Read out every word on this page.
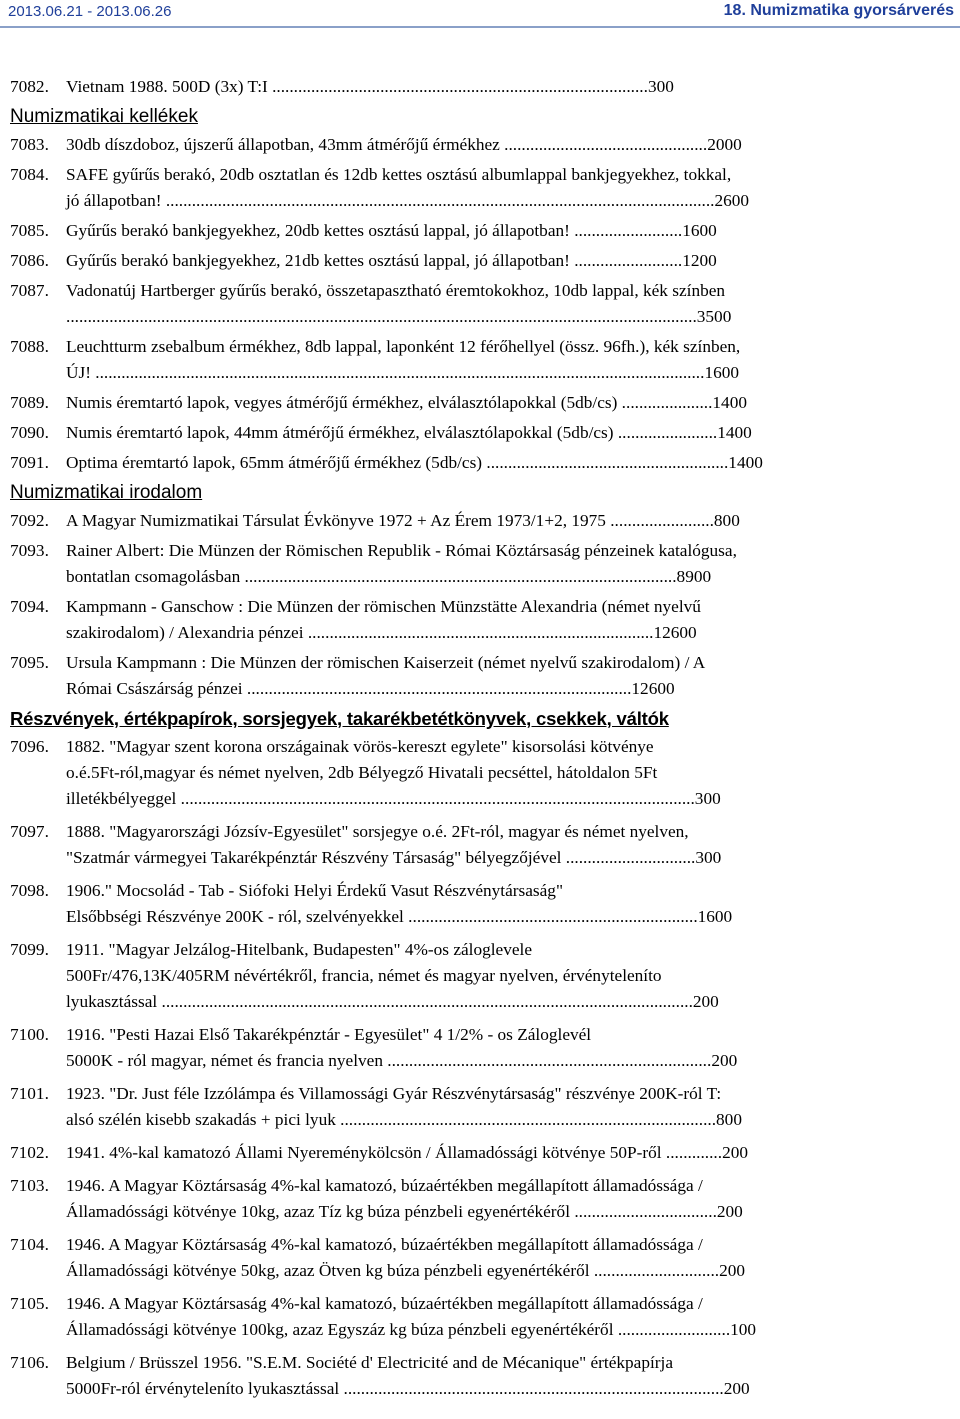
2013.06.21 - 2013.06.26	18. Numizmatika gyorsárverés
7082. Vietnam 1988. 500D (3x) T:I .......................................................................................300
Numizmatikai kellékek
7083. 30db díszdoboz, újszerű állapotban, 43mm átmérőjű érmékhez ...............................................2000
7084. SAFE gyűrűs berakó, 20db osztatlan és 12db kettes osztású albumlappal bankjegyekhez, tokkal,
jó állapotban! ...............................................................................................................................2600
7085. Gyűrűs berakó bankjegyekhez, 20db kettes osztású lappal, jó állapotban! .........................1600
7086. Gyűrűs berakó bankjegyekhez, 21db kettes osztású lappal, jó állapotban! .........................1200
7087. Vadonatúj Hartberger gyűrűs berakó, összetapasztható éremtokokhoz, 10db lappal, kék színben
..................................................................................................................................................3500
7088. Leuchtturm zsebalbum érmékhez, 8db lappal, laponként 12 férőhellyel (össz. 96fh.), kék színben,
ÚJ! .............................................................................................................................................1600
7089. Numis éremtartó lapok, vegyes átmérőjű érmékhez, elválasztólapokkal (5db/cs) .....................1400
7090. Numis éremtartó lapok, 44mm átmérőjű érmékhez, elválasztólapokkal (5db/cs) .......................1400
7091. Optima éremtartó lapok, 65mm átmérőjű érmékhez (5db/cs) ........................................................1400
Numizmatikai irodalom
7092. A Magyar Numizmatikai Társulat Évkönyve 1972 + Az Érem 1973/1+2, 1975 ........................800
7093. Rainer Albert: Die Münzen der Römischen Republik - Római Köztársaság pénzeinek katalógusa,
bontatlan csomagolásban ....................................................................................................8900
7094. Kampmann - Ganschow : Die Münzen der römischen Münzstätte Alexandria (német nyelvű
szakirodalom) / Alexandria pénzei ................................................................................12600
7095. Ursula Kampmann : Die Münzen der römischen Kaiserzeit (német nyelvű szakirodalom) / A
Római Császárság pénzei .........................................................................................12600
Részvények, értékpapírok, sorsjegyek, takarékbetétkönyvek, csekkek, váltók
7096. 1882. "Magyar szent korona országainak vörös-kereszt egylete" kisorsolási kötvénye
o.é.5Ft-ról,magyar és német nyelven, 2db Bélyegző Hivatali pecséttel, hátoldalon 5Ft
illetékbélyeggel .......................................................................................................................300
7097. 1888. "Magyarországi Józsív-Egyesület" sorsjegye o.é. 2Ft-ról, magyar és német nyelven,
"Szatmár vármegyei Takarékpénztár Részvény Társaság" bélyegzőjével ..............................300
7098. 1906." Mocsolád - Tab - Siófoki Helyi Érdekű Vasut Részvénytársaság"
Elsőbbségi Részvénye 200K - ról, szelvényekkel ...................................................................1600
7099. 1911. "Magyar Jelzálog-Hitelbank, Budapesten" 4%-os záloglevele
500Fr/476,13K/405RM névértékről, francia, német és magyar nyelven, érvényteleníto
lyukasztással ...........................................................................................................................200
7100. 1916. "Pesti Hazai Első Takarékpénztár - Egyesület" 4 1/2% - os Záloglevél
5000K - ról magyar, német és francia nyelven ...........................................................................200
7101. 1923. "Dr. Just féle Izzólámpa és Villamossági Gyár Részvénytársaság" részvénye 200K-ról T:
alsó szélén kisebb szakadás + pici lyuk .......................................................................................800
7102. 1941. 4%-kal kamatozó Állami Nyereménykölcsön / Államadóssági kötvénye 50P-ről .............200
7103. 1946. A Magyar Köztársaság 4%-kal kamatozó, búzaértékben megállapított államadóssága /
Államadóssági kötvénye 10kg, azaz Tíz kg búza pénzbeli egyenértékéről .................................200
7104. 1946. A Magyar Köztársaság 4%-kal kamatozó, búzaértékben megállapított államadóssága /
Államadóssági kötvénye 50kg, azaz Ötven kg búza pénzbeli egyenértékéről .............................200
7105. 1946. A Magyar Köztársaság 4%-kal kamatozó, búzaértékben megállapított államadóssága /
Államadóssági kötvénye 100kg, azaz Egyszáz kg búza pénzbeli egyenértékéről ..........................100
7106. Belgium / Brüsszel 1956. "S.E.M. Société d' Electricité and de Mécanique" értékpapírja
5000Fr-ról érvényteleníto lyukasztással ........................................................................................200
